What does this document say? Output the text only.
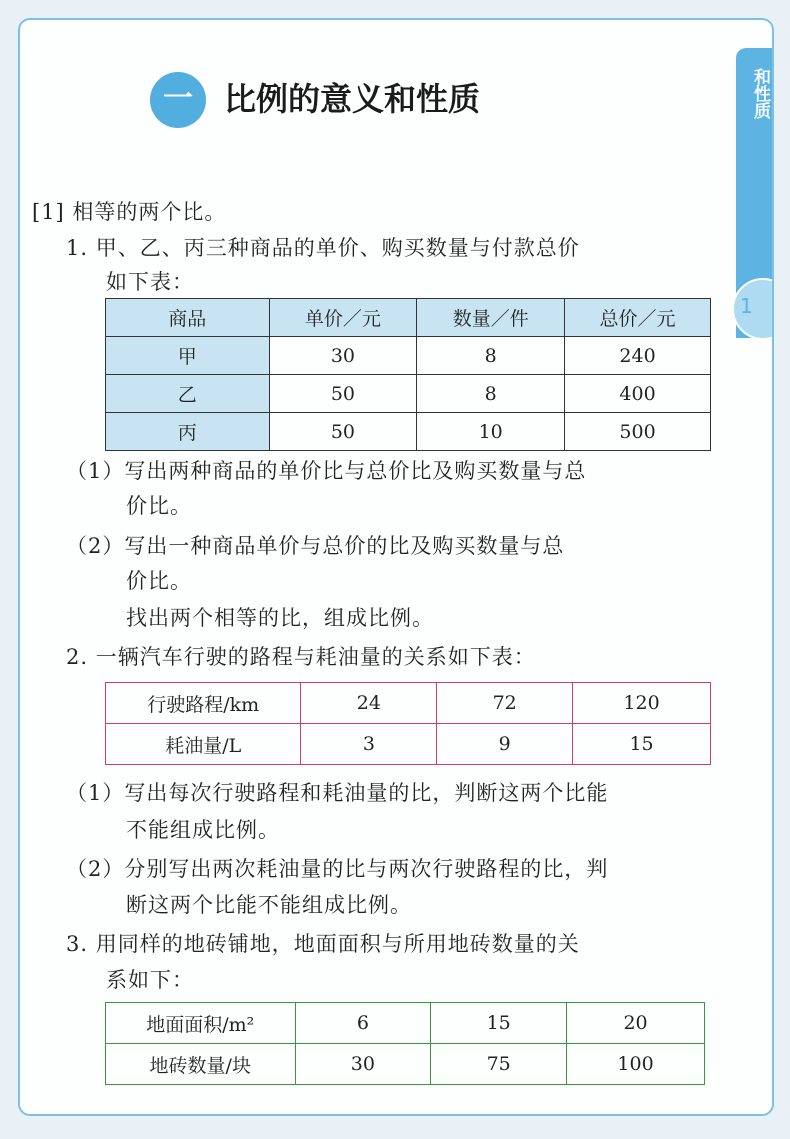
和性质
1
一 比例的意义和性质
[1] 相等的两个比。
1. 甲、乙、丙三种商品的单价、购买数量与付款总价
如下表：
商品	单价／元	数量／件	总价／元
甲	30	8	240
乙	50	8	400
丙	50	10	500
（1）写出两种商品的单价比与总价比及购买数量与总
价比。
（2）写出一种商品单价与总价的比及购买数量与总
价比。
找出两个相等的比，组成比例。
2. 一辆汽车行驶的路程与耗油量的关系如下表：
行驶路程/km	24	72	120
耗油量/L	3	9	15
（1）写出每次行驶路程和耗油量的比，判断这两个比能
不能组成比例。
（2）分别写出两次耗油量的比与两次行驶路程的比，判
断这两个比能不能组成比例。
3. 用同样的地砖铺地，地面面积与所用地砖数量的关
系如下：
地面面积/m²	6	15	20
地砖数量/块	30	75	100
